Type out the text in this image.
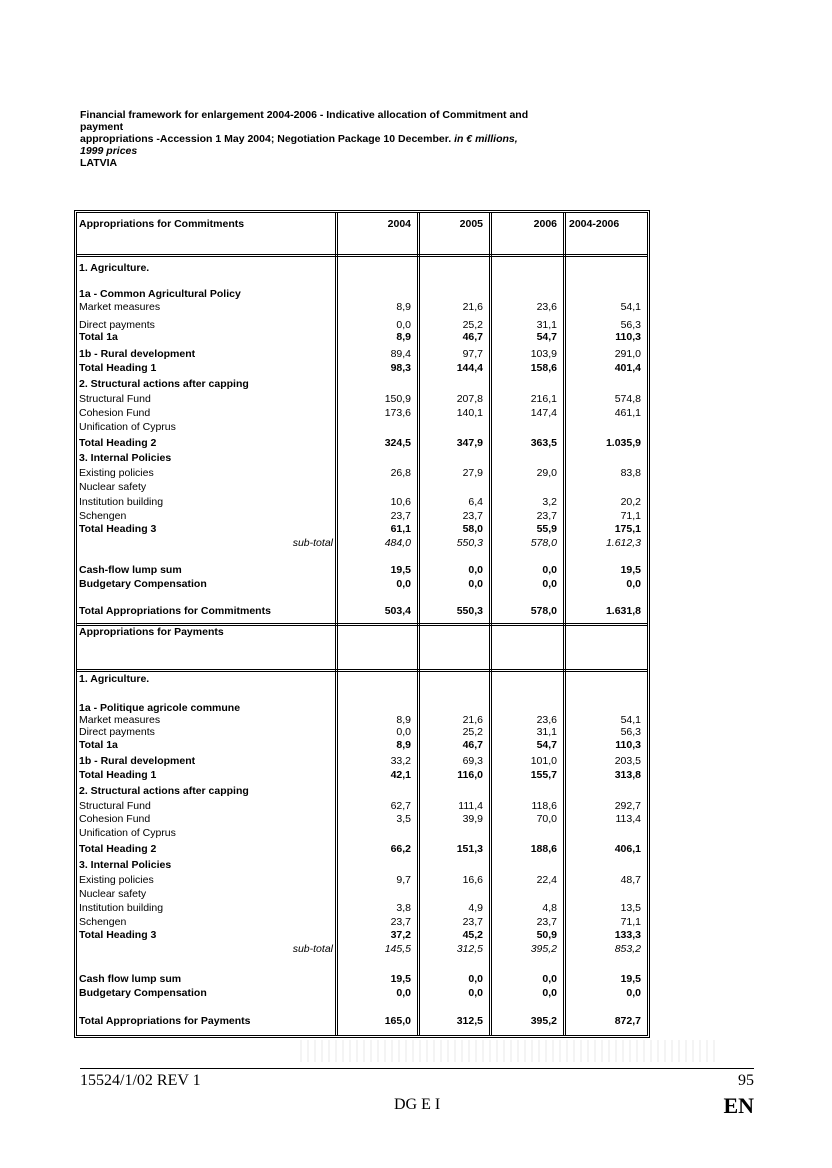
Financial framework for enlargement 2004-2006 - Indicative allocation of Commitment and
payment
appropriations -Accession 1 May 2004; Negotiation Package 10 December. in € millions,
1999 prices
LATVIA
Appropriations for Commitments	2004	2005	2006 2004-2006
1. Agriculture.
1a - Common Agricultural Policy
Market measures	8,9	21,6	23,6	54,1
Direct payments	0,0	25,2	31,1	56,3
Total 1a	8,9	46,7	54,7	110,3
1b - Rural development	89,4	97,7	103,9	291,0
Total Heading 1	98,3	144,4	158,6	401,4
2. Structural actions after capping
Structural Fund	150,9	207,8	216,1	574,8
Cohesion Fund	173,6	140,1	147,4	461,1
Unification of Cyprus
Total Heading 2	324,5	347,9	363,5	1.035,9
3. Internal Policies
Existing policies	26,8	27,9	29,0	83,8
Nuclear safety
Institution building	10,6	6,4	3,2	20,2
Schengen	23,7	23,7	23,7	71,1
Total Heading 3	61,1	58,0	55,9	175,1
sub-total	484,0	550,3	578,0	1.612,3
Cash-flow lump sum	19,5	0,0	0,0	19,5
Budgetary Compensation	0,0	0,0	0,0	0,0
Total Appropriations for Commitments	503,4	550,3	578,0	1.631,8
Appropriations for Payments
1. Agriculture.
1a - Politique agricole commune
Market measures	8,9	21,6	23,6	54,1
Direct payments	0,0	25,2	31,1	56,3
Total 1a	8,9	46,7	54,7	110,3
1b - Rural development	33,2	69,3	101,0	203,5
Total Heading 1	42,1	116,0	155,7	313,8
2. Structural actions after capping
Structural Fund	62,7	111,4	118,6	292,7
Cohesion Fund	3,5	39,9	70,0	113,4
Unification of Cyprus
Total Heading 2	66,2	151,3	188,6	406,1
3. Internal Policies
Existing policies	9,7	16,6	22,4	48,7
Nuclear safety
Institution building	3,8	4,9	4,8	13,5
Schengen	23,7	23,7	23,7	71,1
Total Heading 3	37,2	45,2	50,9	133,3
sub-total	145,5	312,5	395,2	853,2
Cash flow lump sum	19,5	0,0	0,0	19,5
Budgetary Compensation	0,0	0,0	0,0	0,0
Total Appropriations for Payments	165,0	312,5	395,2	872,7
15524/1/02 REV 1	95
DG E I	EN
